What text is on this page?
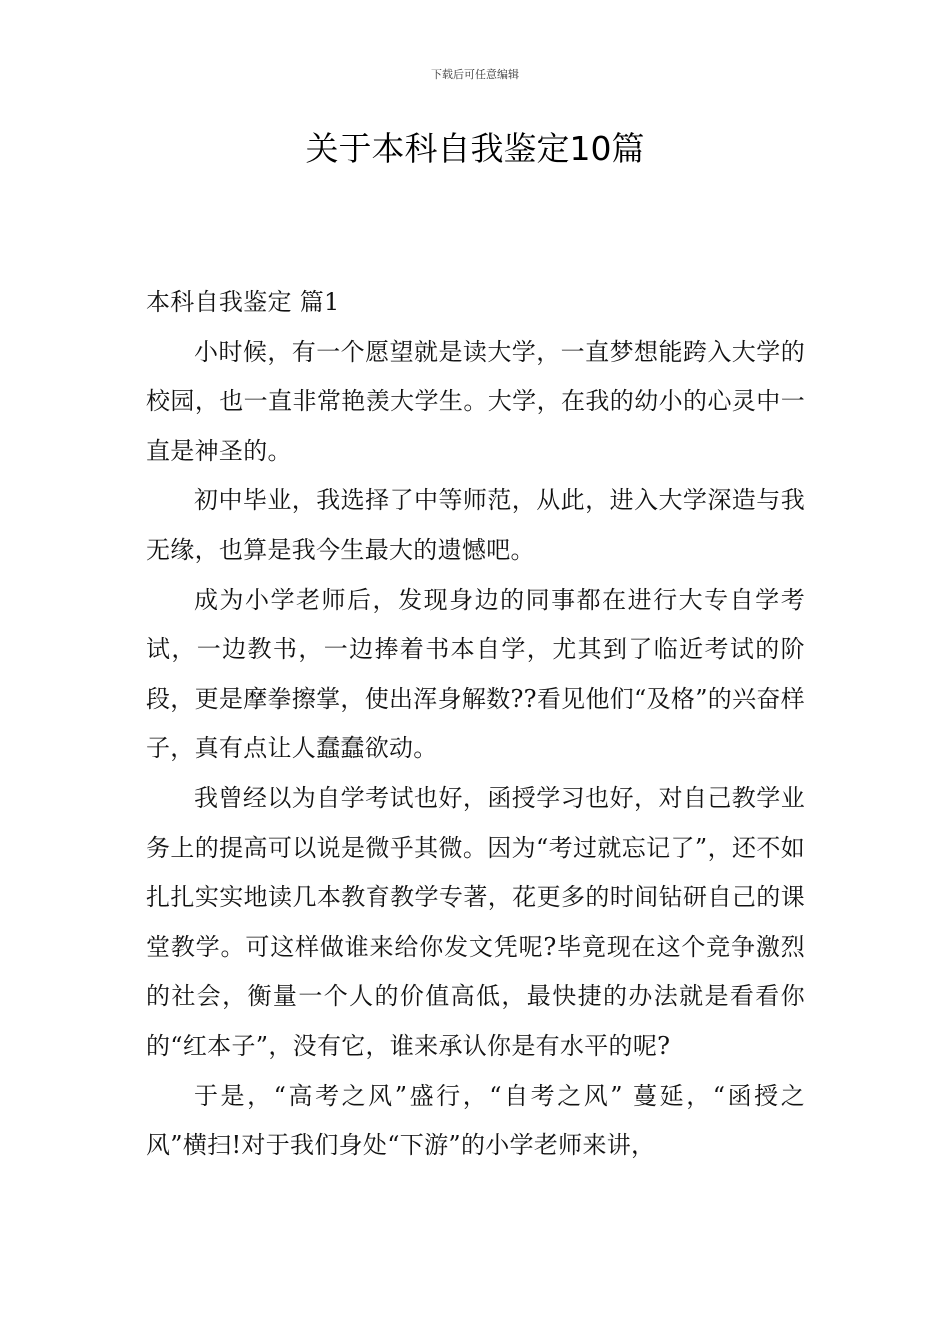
下载后可任意编辑
关于本科自我鉴定10篇

本科自我鉴定 篇1

小时候，有一个愿望就是读大学，一直梦想能跨入大学的校园，也一直非常艳羡大学生。大学，在我的幼小的心灵中一直是神圣的。

初中毕业，我选择了中等师范，从此，进入大学深造与我无缘，也算是我今生最大的遗憾吧。

成为小学老师后，发现身边的同事都在进行大专自学考试，一边教书，一边捧着书本自学，尤其到了临近考试的阶段，更是摩拳擦掌，使出浑身解数??看见他们“及格”的兴奋样子，真有点让人蠢蠢欲动。

我曾经以为自学考试也好，函授学习也好，对自己教学业务上的提高可以说是微乎其微。因为“考过就忘记了”，还不如扎扎实实地读几本教育教学专著，花更多的时间钻研自己的课堂教学。可这样做谁来给你发文凭呢?毕竟现在这个竞争激烈的社会，衡量一个人的价值高低，最快捷的办法就是看看你的“红本子”，没有它，谁来承认你是有水平的呢?

于是，“高考之风”盛行，“自考之风” 蔓延，“函授之风”横扫!对于我们身处“下游”的小学老师来讲，
